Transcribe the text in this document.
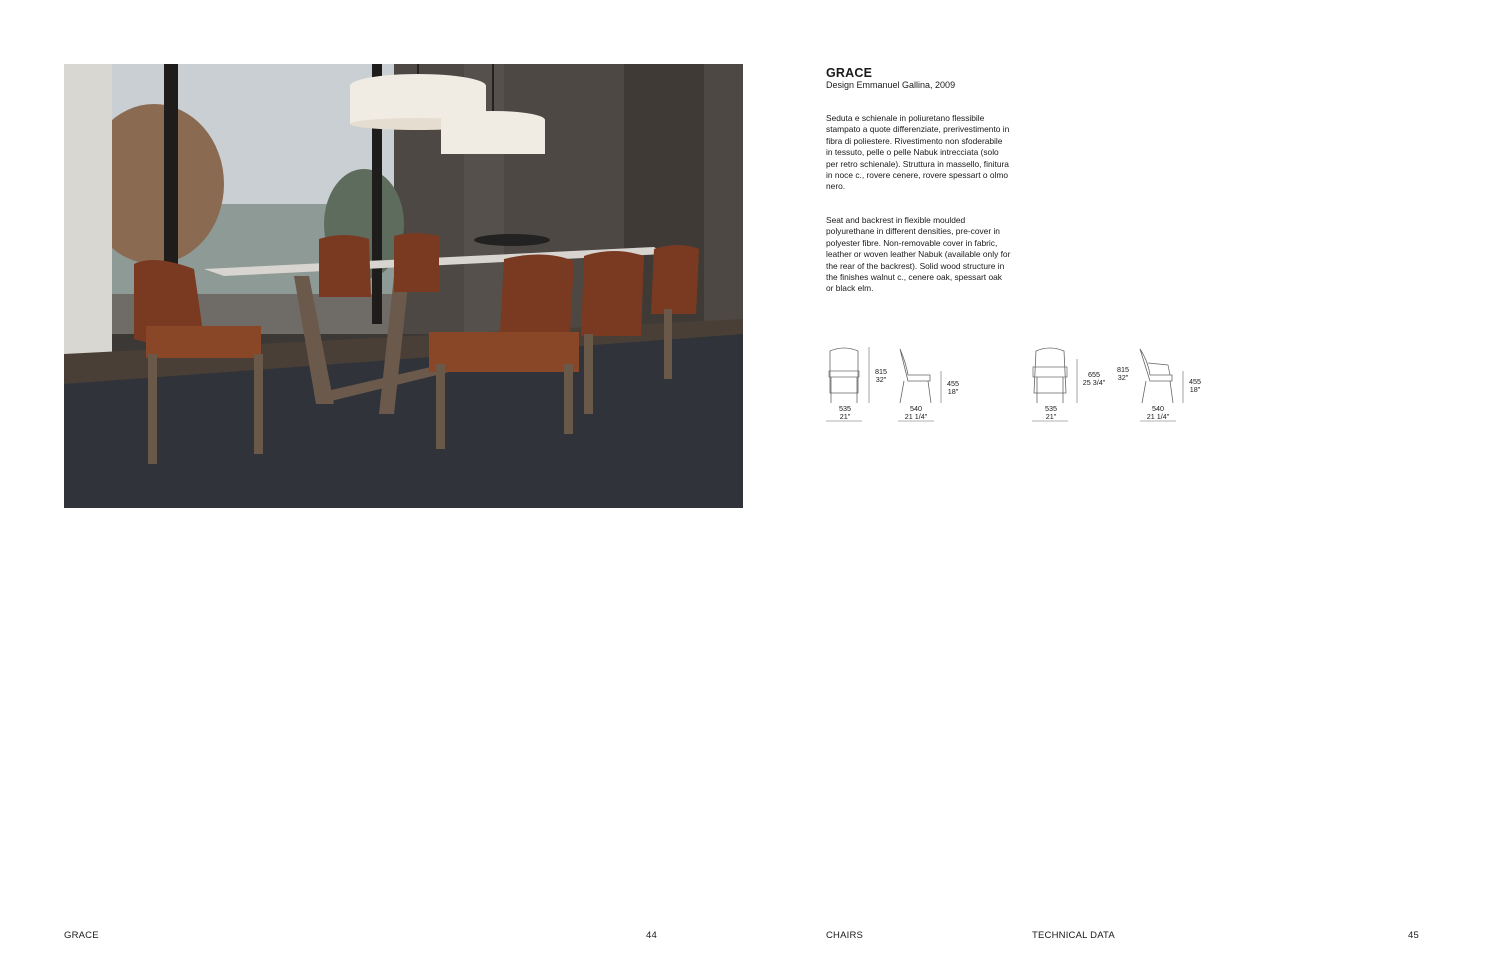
GRACE
Design Emmanuel Gallina, 2009

Seduta e schienale in poliuretano flessibile stampato a quote differenziate, prerivestimento in fibra di poliestere. Rivestimento non sfoderabile in tessuto, pelle o pelle Nabuk intrecciata (solo per retro schienale). Struttura in massello, finitura in noce c., rovere cenere, rovere spessart o olmo nero.

Seat and backrest in flexible moulded polyurethane in different densities, pre-cover in polyester fibre. Non-removable cover in fabric, leather or woven leather Nabuk (available only for the rear of the backrest). Solid wood structure in the finishes walnut c., cenere oak, spessart oak or black elm.

535
21"
815
32"
540
21 1/4"
455
18"
535
21"
655
25 3/4"
815
32"
540
21 1/4"
455
18"
GRACE	44	CHAIRS	TECHNICAL DATA	45
